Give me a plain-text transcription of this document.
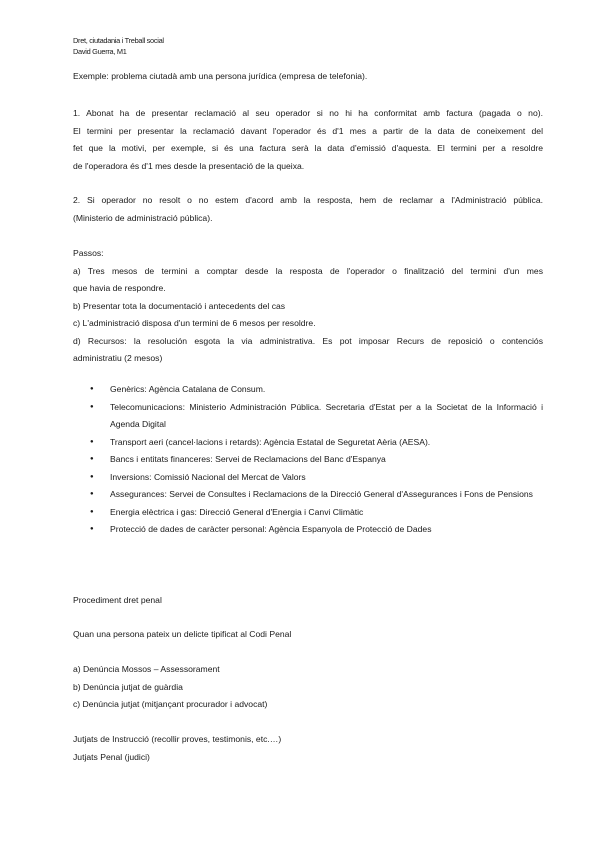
Dret, ciutadania i Treball social
David Guerra, M1
Exemple: problema ciutadà amb una persona jurídica (empresa de telefonia).
1. Abonat ha de presentar reclamació al seu operador si no hi ha conformitat amb factura (pagada o no).
El termini per presentar la reclamació davant l'operador és d'1 mes a partir de la data de coneixement del
fet que la motivi, per exemple, si és una factura serà la data d'emissió d'aquesta. El termini per a resoldre
de l'operadora és d'1 mes desde la presentació de la queixa.
2. Si operador no resolt o no estem d'acord amb la resposta, hem de reclamar a l'Administració pública.
(Ministerio de administració pública).
Passos:
a) Tres mesos de termini a comptar desde la resposta de l'operador o finalització del termini d'un mes
que havia de respondre.
b) Presentar tota la documentació i antecedents del cas
c) L'administració disposa d'un termini de 6 mesos per resoldre.
d) Recursos: la resolución esgota la via administrativa. Es pot imposar Recurs de reposició o contenciós
administratiu (2 mesos)
● Genèrics: Agència Catalana de Consum.
● Telecomunicacions: Ministerio Administración Pública. Secretaria d'Estat per a la Societat de la Informació i Agenda Digital
● Transport aeri (cancel·lacions i retards): Agència Estatal de Seguretat Aèria (AESA).
● Bancs i entitats financeres: Servei de Reclamacions del Banc d'Espanya
● Inversions: Comissió Nacional del Mercat de Valors
● Assegurances: Servei de Consultes i Reclamacions de la Direcció General d'Assegurances i Fons de Pensions
● Energia elèctrica i gas: Direcció General d'Energia i Canvi Climàtic
● Protecció de dades de caràcter personal: Agència Espanyola de Protecció de Dades
Procediment dret penal
Quan una persona pateix un delicte tipificat al Codi Penal
a) Denúncia Mossos – Assessorament
b) Denúncia jutjat de guàrdia
c) Denúncia jutjat (mitjançant procurador i advocat)
Jutjats de Instrucció (recollir proves, testimonis, etc.…)
Jutjats Penal (judici)
